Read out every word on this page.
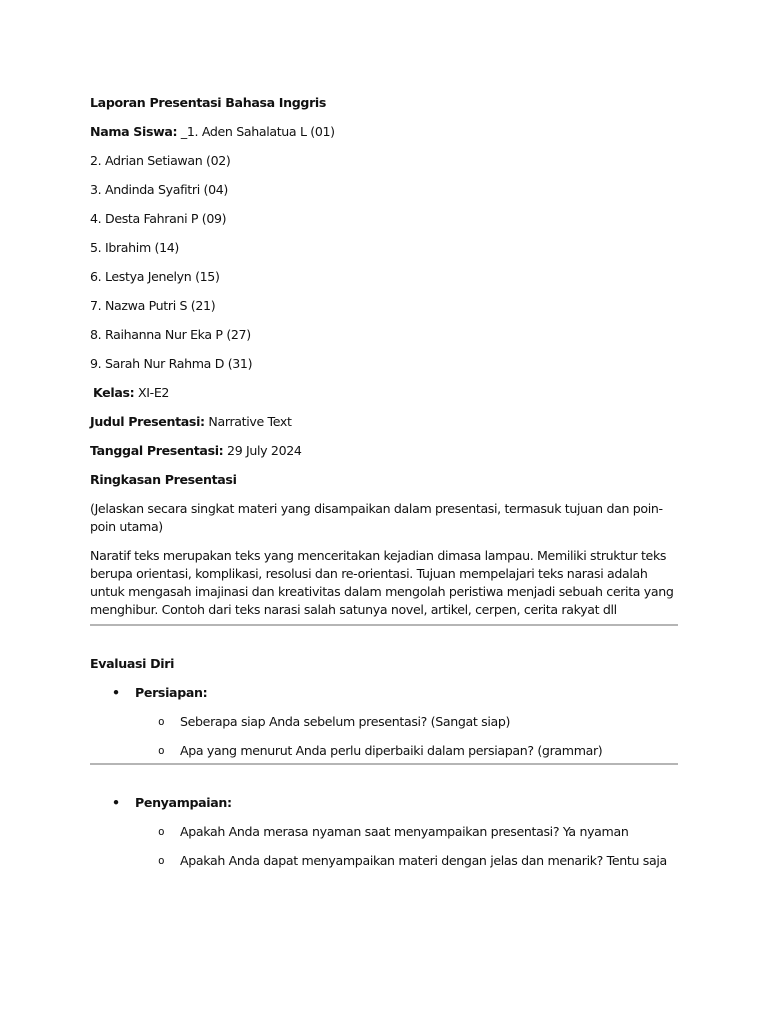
Laporan Presentasi Bahasa Inggris
Nama Siswa: _1. Aden Sahalatua L (01)
2. Adrian Setiawan (02)
3. Andinda Syafitri (04)
4. Desta Fahrani P (09)
5. Ibrahim (14)
6. Lestya Jenelyn (15)
7. Nazwa Putri S (21)
8. Raihanna Nur Eka P (27)
9. Sarah Nur Rahma D (31)
Kelas: XI-E2
Judul Presentasi: Narrative Text
Tanggal Presentasi: 29 July 2024
Ringkasan Presentasi
(Jelaskan secara singkat materi yang disampaikan dalam presentasi, termasuk tujuan dan poin-poin utama)
Naratif teks merupakan teks yang menceritakan kejadian dimasa lampau. Memiliki struktur teks berupa orientasi, komplikasi, resolusi dan re-orientasi. Tujuan mempelajari teks narasi adalah untuk mengasah imajinasi dan kreativitas dalam mengolah peristiwa menjadi sebuah cerita yang menghibur. Contoh dari teks narasi salah satunya novel, artikel, cerpen, cerita rakyat dll
Evaluasi Diri
• Persiapan:
o Seberapa siap Anda sebelum presentasi? (Sangat siap)
o Apa yang menurut Anda perlu diperbaiki dalam persiapan? (grammar)
• Penyampaian:
o Apakah Anda merasa nyaman saat menyampaikan presentasi? Ya nyaman
o Apakah Anda dapat menyampaikan materi dengan jelas dan menarik? Tentu saja
